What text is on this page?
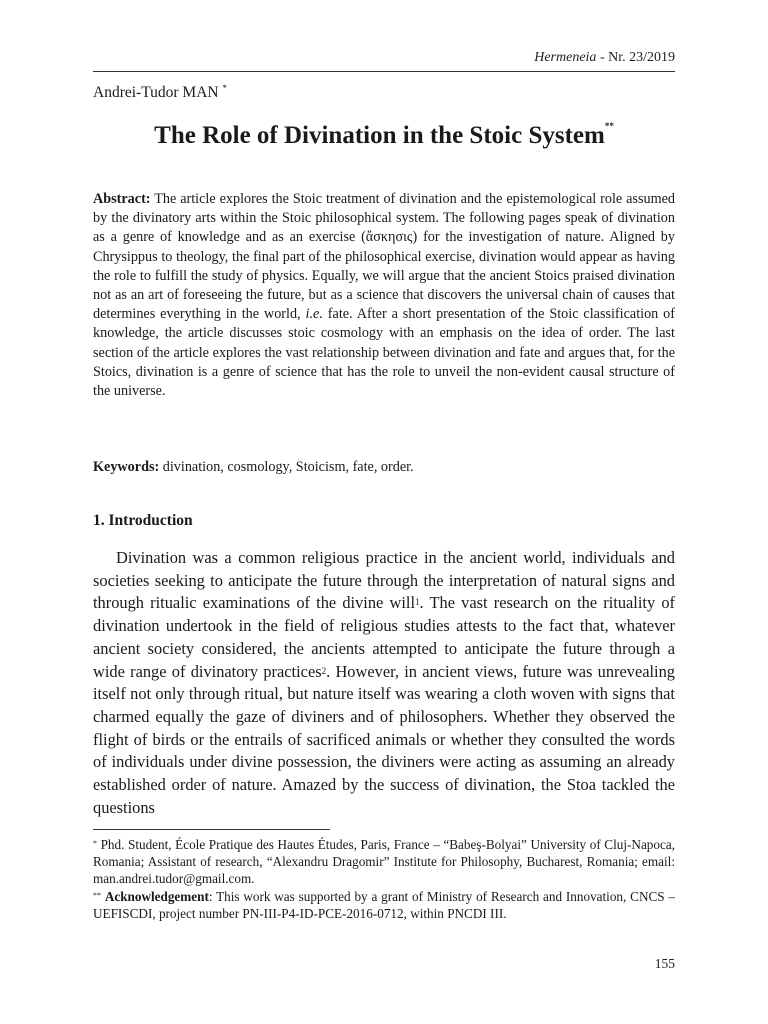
Hermeneia - Nr. 23/2019
Andrei-Tudor MAN *
The Role of Divination in the Stoic System**

Abstract: The article explores the Stoic treatment of divination and the epistemological role assumed by the divinatory arts within the Stoic philosophical system. The following pages speak of divination as a genre of knowledge and as an exercise (ἄσκησις) for the investigation of nature. Aligned by Chrysippus to theology, the final part of the philosophical exercise, divination would appear as having the role to fulfill the study of physics. Equally, we will argue that the ancient Stoics praised divination not as an art of foreseeing the future, but as a science that discovers the universal chain of causes that determines everything in the world, i.e. fate. After a short presentation of the Stoic classification of knowledge, the article discusses stoic cosmology with an emphasis on the idea of order. The last section of the article explores the vast relationship between divination and fate and argues that, for the Stoics, divination is a genre of science that has the role to unveil the non-evident causal structure of the universe.

Keywords: divination, cosmology, Stoicism, fate, order.

1. Introduction

Divination was a common religious practice in the ancient world, individuals and societies seeking to anticipate the future through the interpretation of natural signs and through ritualic examinations of the divine will$^1$. The vast research on the rituality of divination undertook in the field of religious studies attests to the fact that, whatever ancient society considered, the ancients attempted to anticipate the future through a wide range of divinatory practices$^2$. However, in ancient views, future was unrevealing itself not only through ritual, but nature itself was wearing a cloth woven with signs that charmed equally the gaze of diviners and of philosophers. Whether they observed the flight of birds or the entrails of sacrificed animals or whether they consulted the words of individuals under divine possession, the diviners were acting as assuming an already established order of nature. Amazed by the success of divination, the Stoa tackled the questions

* Phd. Student, École Pratique des Hautes Études, Paris, France – “Babeş-Bolyai” University of Cluj-Napoca, Romania; Assistant of research, “Alexandru Dragomir” Institute for Philosophy, Bucharest, Romania; email: man.andrei.tudor@gmail.com.

** Acknowledgement: This work was supported by a grant of Ministry of Research and Innovation, CNCS – UEFISCDI, project number PN-III-P4-ID-PCE-2016-0712, within PNCDI III.

155
